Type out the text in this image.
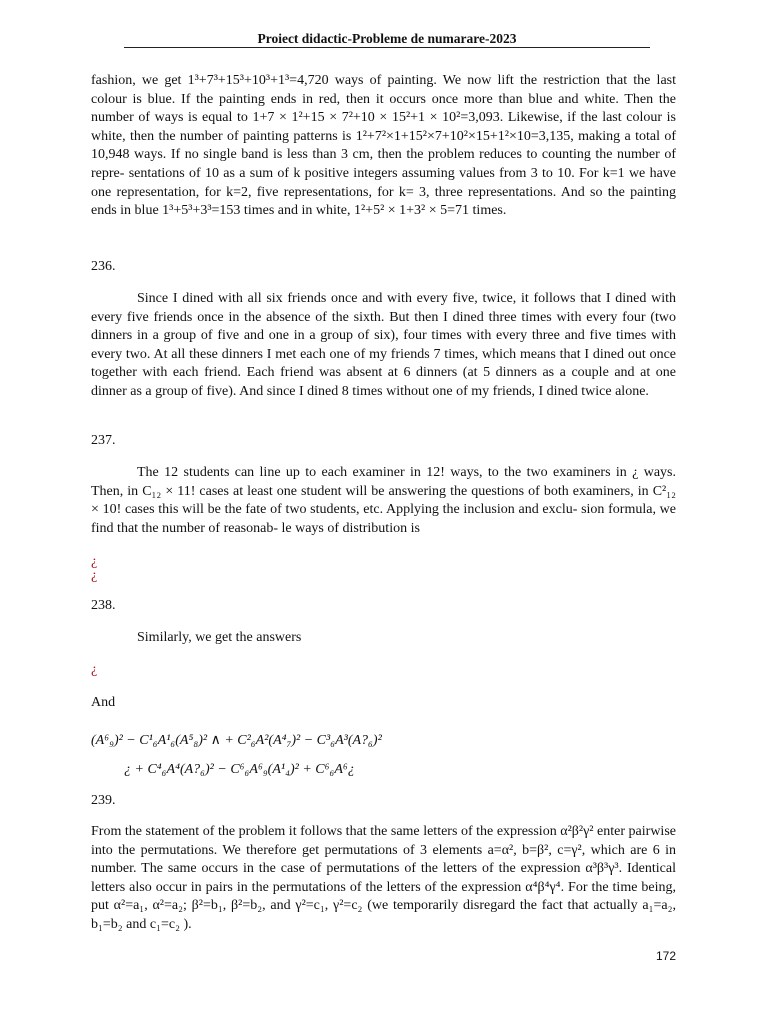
Proiect didactic-Probleme de numarare-2023

fashion, we get 1³+7³+15³+10³+1³=4,720 ways of painting. We now lift the restriction that the last colour is blue. If the painting ends in red, then it occurs once more than blue and white. Then the number of ways is equal to 1+7 × 1²+15 × 7²+10 × 15²+1 × 10²=3,093. Likewise, if the last colour is white, then the number of painting patterns is 1²+7²×1+15²×7+10²×15+1²×10=3,135, making a total of 10,948 ways. If no single band is less than 3 cm, then the problem reduces to counting the number of repre- sentations of 10 as a sum of k positive integers assuming values from 3 to 10. For k=1 we have one representation, for k=2, five representations, for k= 3, three representations. And so the painting ends in blue 1³+5³+3³=153 times and in white, 1²+5² × 1+3² × 5=71 times.

236.

Since I dined with all six friends once and with every five, twice, it follows that I dined with every five friends once in the absence of the sixth. But then I dined three times with every four (two dinners in a group of five and one in a group of six), four times with every three and five times with every two. At all these dinners I met each one of my friends 7 times, which means that I dined out once together with each friend. Each friend was absent at 6 dinners (at 5 dinners as a couple and at one dinner as a group of five). And since I dined 8 times without one of my friends, I dined twice alone.

237.

The 12 students can line up to each examiner in 12! ways, to the two examiners in ¿ ways. Then, in C₁₂ × 11! cases at least one student will be answering the questions of both examiners, in C²₁₂ × 10! cases this will be the fate of two students, etc. Applying the inclusion and exclu- sion formula, we find that the number of reasonab- le ways of distribution is

¿
¿
238.

Similarly, we get the answers

¿
And
(A⁶₉)² − C¹₆A¹₆(A⁵₈)² ∧ + C²₆A²(A⁴₇)² − C³₆A³(A?₆)²
¿ + C⁴₆A⁴(A?₆)² − C⁶₆A⁶₉(A¹₄)² + C⁶₆A⁶¿
239.

From the statement of the problem it follows that the same letters of the expression α²β²γ² enter pairwise into the permutations. We therefore get permutations of 3 elements a=α², b=β², c=γ², which are 6 in number. The same occurs in the case of permutations of the letters of the expression α³β³γ³. Identical letters also occur in pairs in the permutations of the letters of the expression α⁴β⁴γ⁴. For the time being, put α²=a₁, α²=a₂; β²=b₁, β²=b₂, and γ²=c₁, γ²=c₂ (we temporarily disregard the fact that actually a₁=a₂, b₁=b₂ and c₁=c₂ ).

172
